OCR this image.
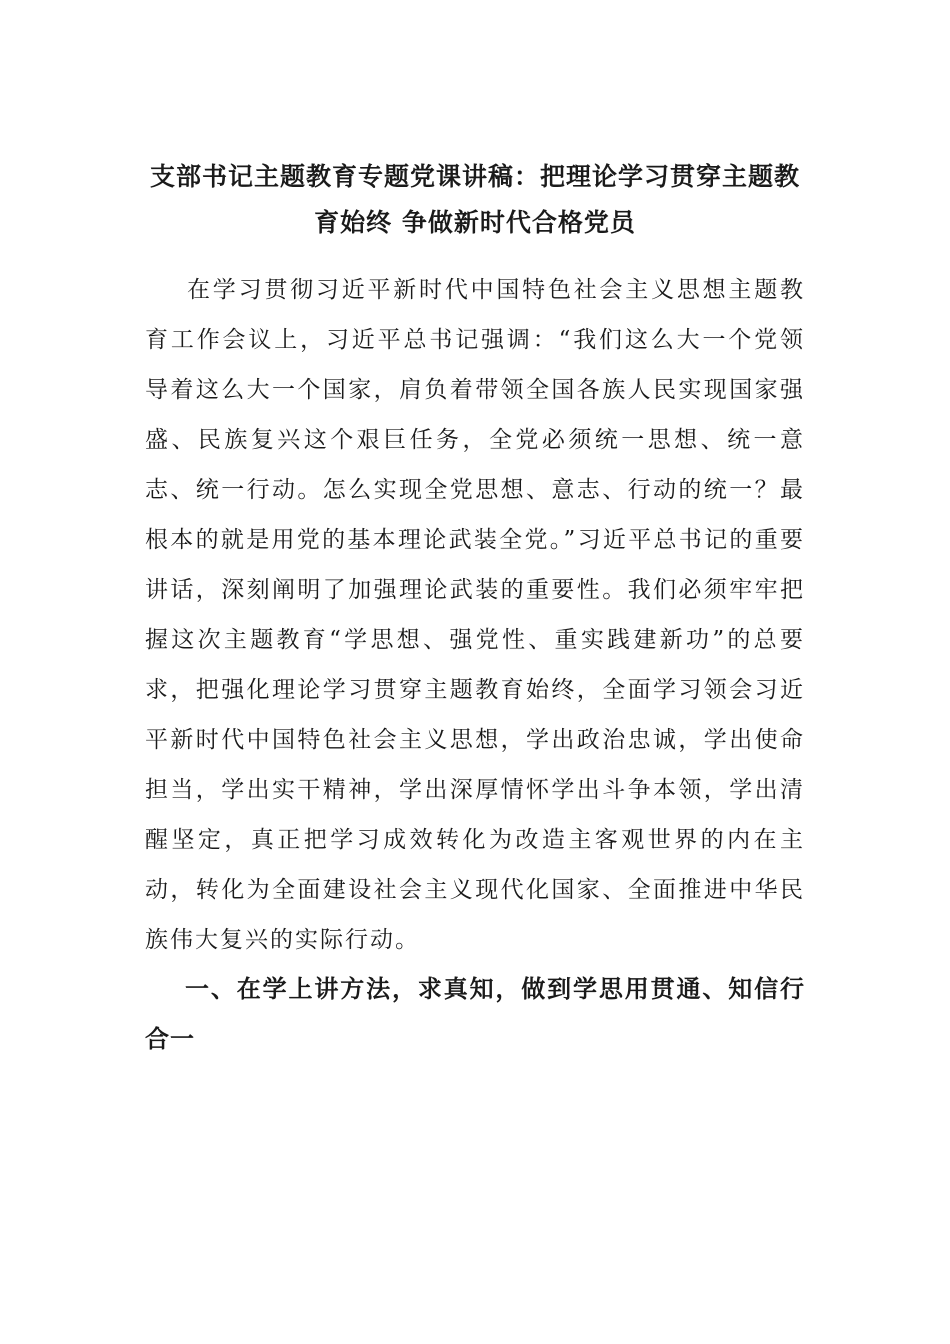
支部书记主题教育专题党课讲稿：把理论学习贯穿主题教育始终 争做新时代合格党员

在学习贯彻习近平新时代中国特色社会主义思想主题教育工作会议上，习近平总书记强调：“我们这么大一个党领导着这么大一个国家，肩负着带领全国各族人民实现国家强盛、民族复兴这个艰巨任务，全党必须统一思想、统一意志、统一行动。怎么实现全党思想、意志、行动的统一？最根本的就是用党的基本理论武装全党。”习近平总书记的重要讲话，深刻阐明了加强理论武装的重要性。我们必须牢牢把握这次主题教育“学思想、强党性、重实践建新功”的总要求，把强化理论学习贯穿主题教育始终，全面学习领会习近平新时代中国特色社会主义思想，学出政治忠诚，学出使命担当，学出实干精神，学出深厚情怀学出斗争本领，学出清醒坚定，真正把学习成效转化为改造主客观世界的内在主动，转化为全面建设社会主义现代化国家、全面推进中华民族伟大复兴的实际行动。

一、在学上讲方法，求真知，做到学思用贯通、知信行合一
